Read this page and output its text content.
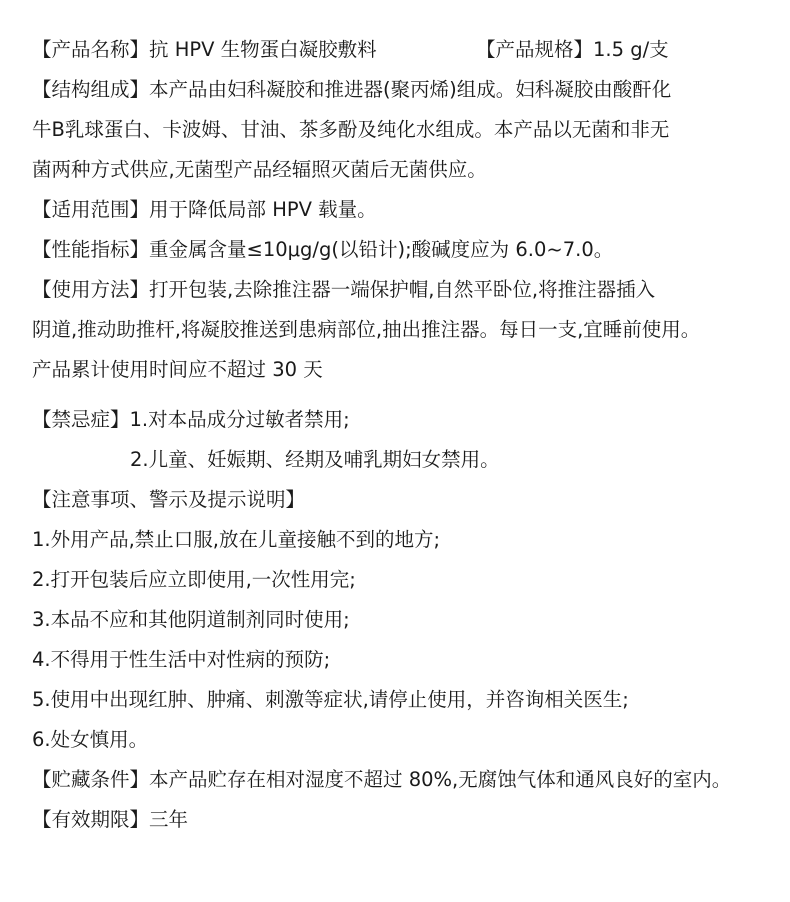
【产品名称】抗 HPV 生物蛋白凝胶敷料	【产品规格】1.5 g/支
【结构组成】本产品由妇科凝胶和推进器(聚丙烯)组成。妇科凝胶由酸酐化
牛B乳球蛋白、卡波姆、甘油、茶多酚及纯化水组成。本产品以无菌和非无
菌两种方式供应,无菌型产品经辐照灭菌后无菌供应。
【适用范围】用于降低局部 HPV 载量。
【性能指标】重金属含量≤10μg/g(以铅计);酸碱度应为 6.0~7.0。
【使用方法】打开包装,去除推注器一端保护帽,自然平卧位,将推注器插入
阴道,推动助推杆,将凝胶推送到患病部位,抽出推注器。每日一支,宜睡前使用。
产品累计使用时间应不超过 30 天
【禁忌症】1.对本品成分过敏者禁用;
2.儿童、妊娠期、经期及哺乳期妇女禁用。
【注意事项、警示及提示说明】
1.外用产品,禁止口服,放在儿童接触不到的地方;
2.打开包装后应立即使用,一次性用完;
3.本品不应和其他阴道制剂同时使用;
4.不得用于性生活中对性病的预防;
5.使用中出现红肿、肿痛、刺激等症状,请停止使用，并咨询相关医生;
6.处女慎用。
【贮藏条件】本产品贮存在相对湿度不超过 80%,无腐蚀气体和通风良好的室内。
【有效期限】三年
